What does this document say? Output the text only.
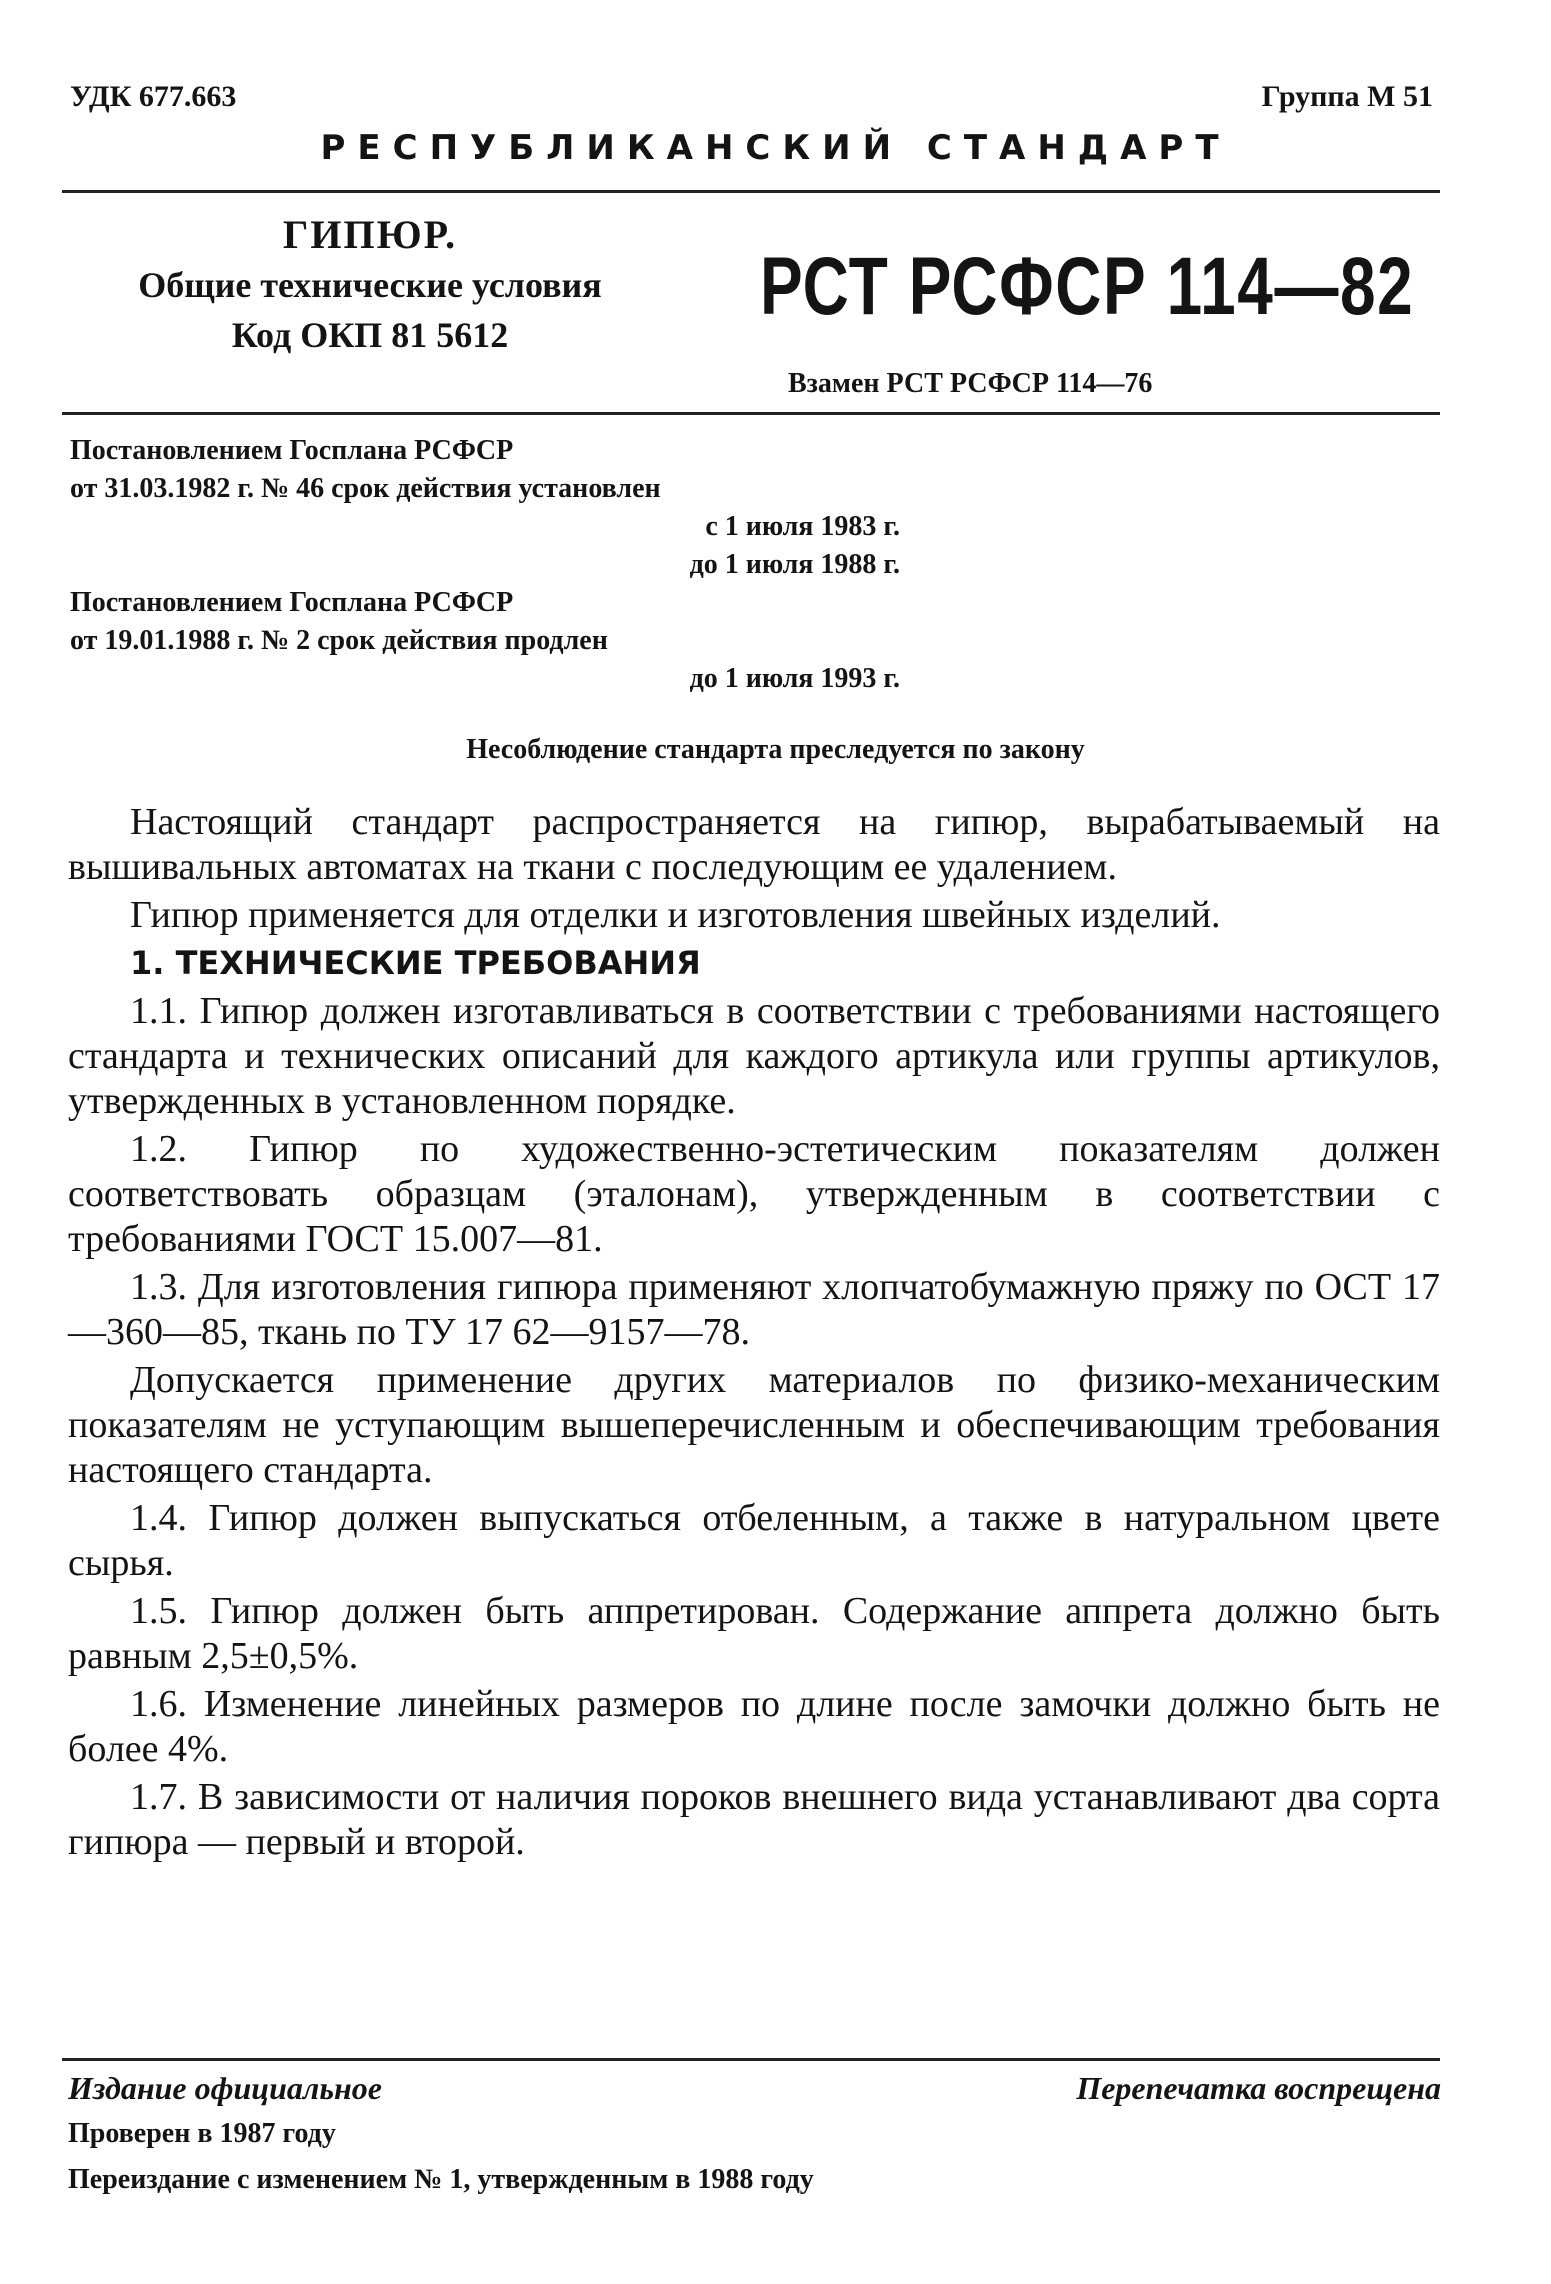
УДК 677.663	Группа М 51
РЕСПУБЛИКАНСКИЙ СТАНДАРТ
ГИПЮР.
Общие технические условия
Код ОКП 81 5612
РСТ РСФСР 114—82
Взамен РСТ РСФСР 114—76
Постановлением Госплана РСФСР
от 31.03.1982 г. № 46 срок действия установлен
с 1 июля 1983 г.
до 1 июля 1988 г.
Постановлением Госплана РСФСР
от 19.01.1988 г. № 2 срок действия продлен
до 1 июля 1993 г.
Несоблюдение стандарта преследуется по закону

Настоящий стандарт распространяется на гипюр, вырабатываемый на вышивальных автоматах на ткани с последующим ее удалением.

Гипюр применяется для отделки и изготовления швейных изделий.

1. ТЕХНИЧЕСКИЕ ТРЕБОВАНИЯ

1.1. Гипюр должен изготавливаться в соответствии с требованиями настоящего стандарта и технических описаний для каждого артикула или группы артикулов, утвержденных в установленном порядке.

1.2. Гипюр по художественно-эстетическим показателям должен соответствовать образцам (эталонам), утвержденным в соответствии с требованиями ГОСТ 15.007—81.

1.3. Для изготовления гипюра применяют хлопчатобумажную пряжу по ОСТ 17—360—85, ткань по ТУ 17 62—9157—78.

Допускается применение других материалов по физико-механическим показателям не уступающим вышеперечисленным и обеспечивающим требования настоящего стандарта.

1.4. Гипюр должен выпускаться отбеленным, а также в натуральном цвете сырья.

1.5. Гипюр должен быть аппретирован. Содержание аппрета должно быть равным 2,5±0,5%.

1.6. Изменение линейных размеров по длине после замочки должно быть не более 4%.

1.7. В зависимости от наличия пороков внешнего вида устанавливают два сорта гипюра — первый и второй.

Издание официальное	Перепечатка воспрещена
Проверен в 1987 году
Переиздание с изменением № 1, утвержденным в 1988 году
